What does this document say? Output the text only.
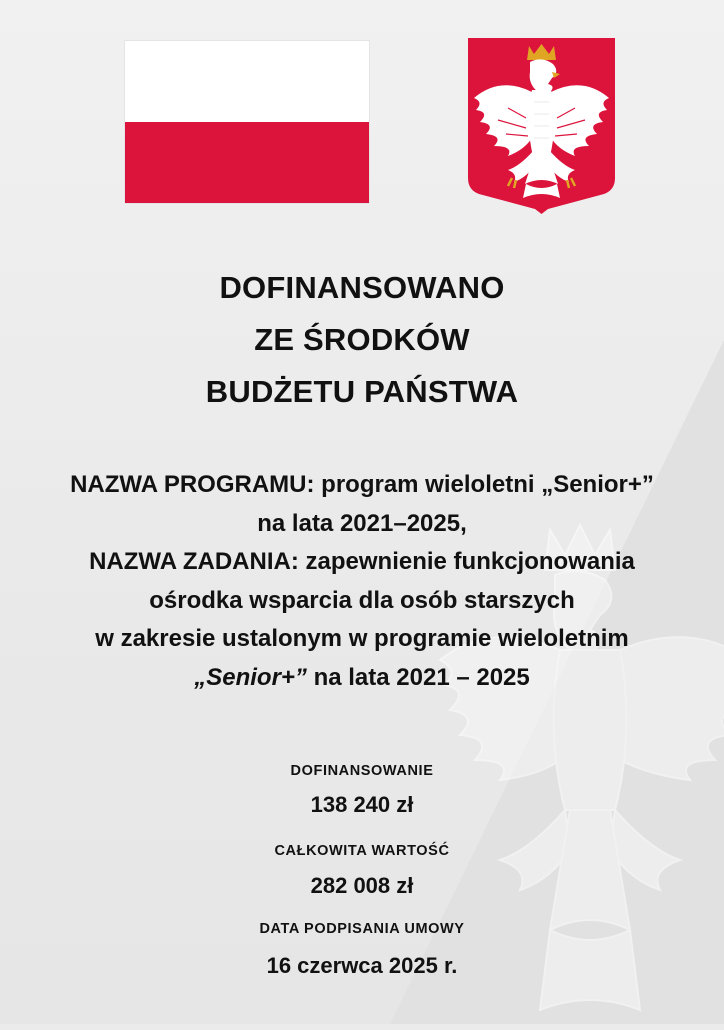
DOFINANSOWANO
ZE ŚRODKÓW
BUDŻETU PAŃSTWA
NAZWA PROGRAMU: program wieloletni „Senior+”
na lata 2021–2025,
NAZWA ZADANIA: zapewnienie funkcjonowania
ośrodka wsparcia dla osób starszych
w zakresie ustalonym w programie wieloletnim
„Senior+” na lata 2021 – 2025
DOFINANSOWANIE
138 240 zł
CAŁKOWITA WARTOŚĆ
282 008 zł
DATA PODPISANIA UMOWY
16 czerwca 2025 r.
